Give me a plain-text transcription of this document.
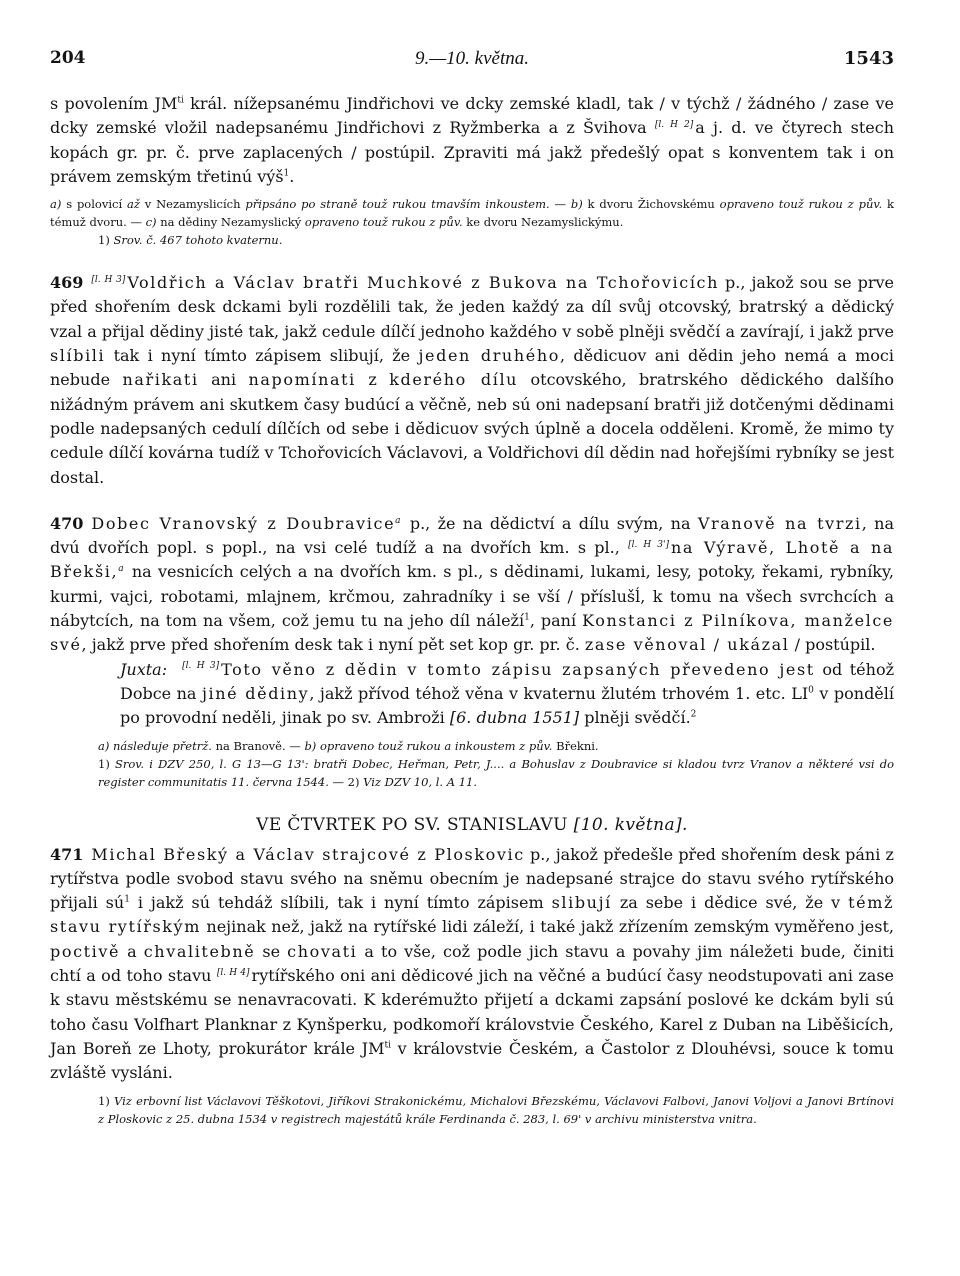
204	9.—10. května.	1543

s povolením $JM^{ti}$ král. nížepsanému Jindřichovi ve dcky zemské kladl, tak / v týchž / žádného / zase ve dcky zemské vložil nadepsanému Jindřichovi z Ryžmberka a z Švihova [l. H 2] a j. d. ve čtyrech stech kopách gr. pr. č. prve zaplacených / postúpil. Zpraviti má jakž předešlý opat s konventem tak i on právem zemským třetinú výš$^1$.

a) s polovicí až v Nezamyslicích připsáno po straně touž rukou tmavším inkoustem. — b) k dvoru Žichovskému opraveno touž rukou z pův. k témuž dvoru. — c) na dědiny Nezamyslický opraveno touž rukou z pův. ke dvoru Nezamyslickýmu.

1) Srov. č. 467 tohoto kvaternu.

469 [l. H 3] Voldřich a Václav bratři Muchkové z Bukova na Tchořovicích p., jakož sou se prve před shořením desk dckami byli rozdělili tak, že jeden každý za díl svůj otcovský, bratrský a dědický vzal a přijal dědiny jisté tak, jakž cedule dílčí jednoho každého v sobě plněji svědčí a zavírají, i jakž prve slíbili tak i nyní tímto zápisem slibují, že jeden druhého, dědicuov ani dědin jeho nemá a moci nebude nařikati ani napomínati z kderého dílu otcovského, bratrského dědického dalšího nižádným právem ani skutkem časy budúcí a věčně, neb sú oni nadepsaní bratři již dotčenými dědinami podle nadepsaných cedulí dílčích od sebe i dědicuov svých úplně a docela odděleni. Kromě, že mimo ty cedule dílčí kovárna tudíž v Tchořovicích Václavovi, a Voldřichovi díl dědin nad hořejšími rybníky se jest dostal.

470 Dobec Vranovský z Doubravice$^a$ p., že na dědictví a dílu svým, na Vranově na tvrzi, na dvú dvořích popl. s popl., na vsi celé tudíž a na dvořích km. s pl., [l. H 3'] na Výravě, Lhotě a na Břekši,$^a$ na vesnicích celých a na dvořích km. s pl., s dědinami, lukami, lesy, potoky, řekami, rybníky, kurmi, vajci, robotami, mlajnem, krčmou, zahradníky i se vší / příslušĺ, k tomu na všech svrchcích a nábytcích, na tom na všem, což jemu tu na jeho díl náleží$^1$, paní Konstanci z Pilníkova, manželce své, jakž prve před shořením desk tak i nyní pět set kop gr. pr. č. zase věnoval / ukázal / postúpil.

Juxta: [l. H 3] Toto věno z dědin v tomto zápisu zapsaných převedeno jest od téhož Dobce na jiné dědiny, jakž přívod téhož věna v kvaternu žlutém trhovém 1. etc. $LI^0$ v pondělí po provodní neděli, jinak po sv. Ambroži [6. dubna 1551] plněji svědčí.$^2$

a) následuje přetrž. na Branově. — b) opraveno touž rukou a inkoustem z pův. Břekni.

1) Srov. i DZV 250, l. G 13—G 13': bratři Dobec, Heřman, Petr, J.... a Bohuslav z Doubravice si kladou tvrz Vranov a některé vsi do register communitatis 11. června 1544. — 2) Viz DZV 10, l. A 11.

VE ČTVRTEK PO SV. STANISLAVU [10. května].

471 Michal Břeský a Václav strajcové z Ploskovic p., jakož předešle před shořením desk páni z rytířstva podle svobod stavu svého na sněmu obecním je nadepsané strajce do stavu svého rytířského přijali $sú^1$ i jakž sú tehdáž slíbili, tak i nyní tímto zápisem slibují za sebe i dědice své, že v témž stavu rytířským nejinak než, jakž na rytířské lidi záleží, i také jakž zřízením zemským vyměřeno jest, poctivě a chvalitebně se chovati a to vše, což podle jich stavu a povahy jim náležeti bude, činiti chtí a od toho stavu [l. H 4] rytířského oni ani dědicové jich na věčné a budúcí časy neodstupovati ani zase k stavu městskému se nenavracovati. K kderémužto přijetí a dckami zapsání poslové ke dckám byli sú toho času Volfhart Planknar z Kynšperku, podkomoří královstvie Českého, Karel z Duban na Liběšicích, Jan Boreň ze Lhoty, prokurátor krále $JM^{ti}$ v královstvie Českém, a Častolor z Dlouhévsi, souce k tomu zvláště vysláni.

1) Viz erbovní list Václavovi Těškotovi, Jiříkovi Strakonickému, Michalovi Březskému, Václavovi Falbovi, Janovi Voljovi a Janovi Brtínovi z Ploskovic z 25. dubna 1534 v registrech majestátů krále Ferdinanda č. 283, l. 69' v archivu ministerstva vnitra.
